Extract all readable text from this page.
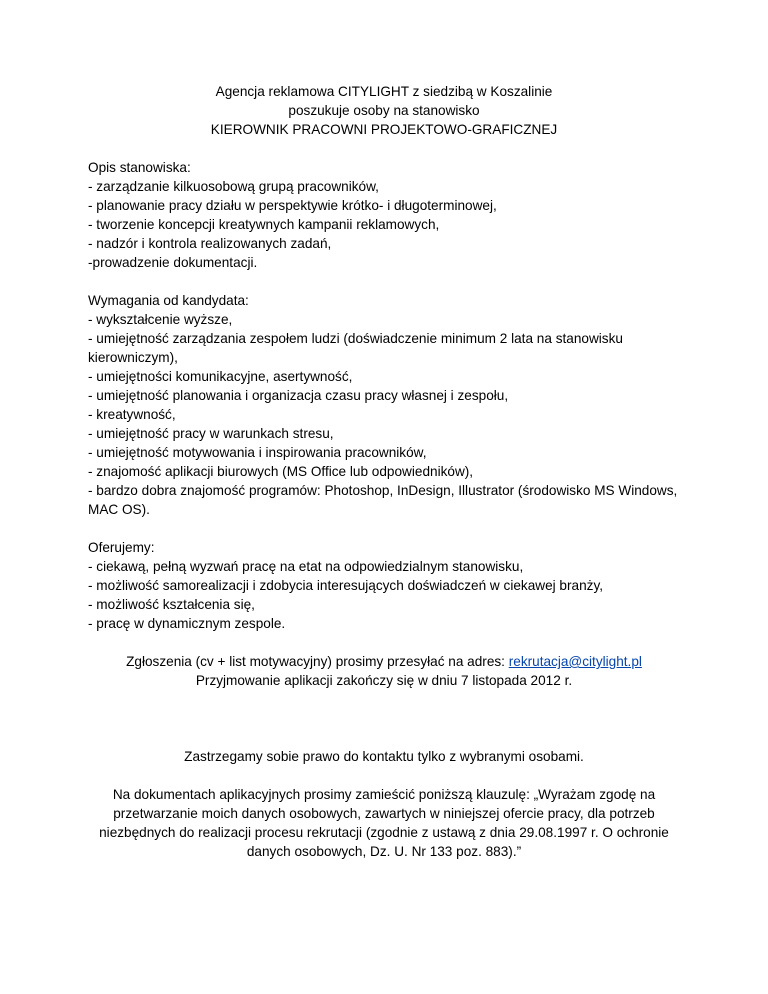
Agencja reklamowa CITYLIGHT z siedzibą w Koszalinie
poszukuje osoby na stanowisko
KIEROWNIK PRACOWNI PROJEKTOWO-GRAFICZNEJ
Opis stanowiska:
- zarządzanie kilkuosobową grupą pracowników,
- planowanie pracy działu w perspektywie krótko- i długoterminowej,
- tworzenie koncepcji kreatywnych kampanii reklamowych,
- nadzór i kontrola realizowanych zadań,
-prowadzenie dokumentacji.
Wymagania od kandydata:
- wykształcenie wyższe,
- umiejętność zarządzania zespołem ludzi (doświadczenie minimum 2 lata na stanowisku kierowniczym),
- umiejętności komunikacyjne, asertywność,
- umiejętność planowania i organizacja czasu pracy własnej i zespołu,
- kreatywność,
- umiejętność pracy w warunkach stresu,
- umiejętność motywowania i inspirowania pracowników,
- znajomość aplikacji biurowych (MS Office lub odpowiedników),
- bardzo dobra znajomość programów: Photoshop, InDesign, Illustrator (środowisko MS Windows, MAC OS).
Oferujemy:
- ciekawą, pełną wyzwań pracę na etat na odpowiedzialnym stanowisku,
- możliwość samorealizacji i zdobycia interesujących doświadczeń w ciekawej branży,
- możliwość kształcenia się,
- pracę w dynamicznym zespole.
Zgłoszenia (cv + list motywacyjny) prosimy przesyłać na adres: rekrutacja@citylight.pl
Przyjmowanie aplikacji zakończy się w dniu 7 listopada 2012 r.
Zastrzegamy sobie prawo do kontaktu tylko z wybranymi osobami.
Na dokumentach aplikacyjnych prosimy zamieścić poniższą klauzulę: „Wyrażam zgodę na przetwarzanie moich danych osobowych, zawartych w niniejszej ofercie pracy, dla potrzeb niezbędnych do realizacji procesu rekrutacji (zgodnie z ustawą z dnia 29.08.1997 r. O ochronie danych osobowych, Dz. U. Nr 133 poz. 883).”
